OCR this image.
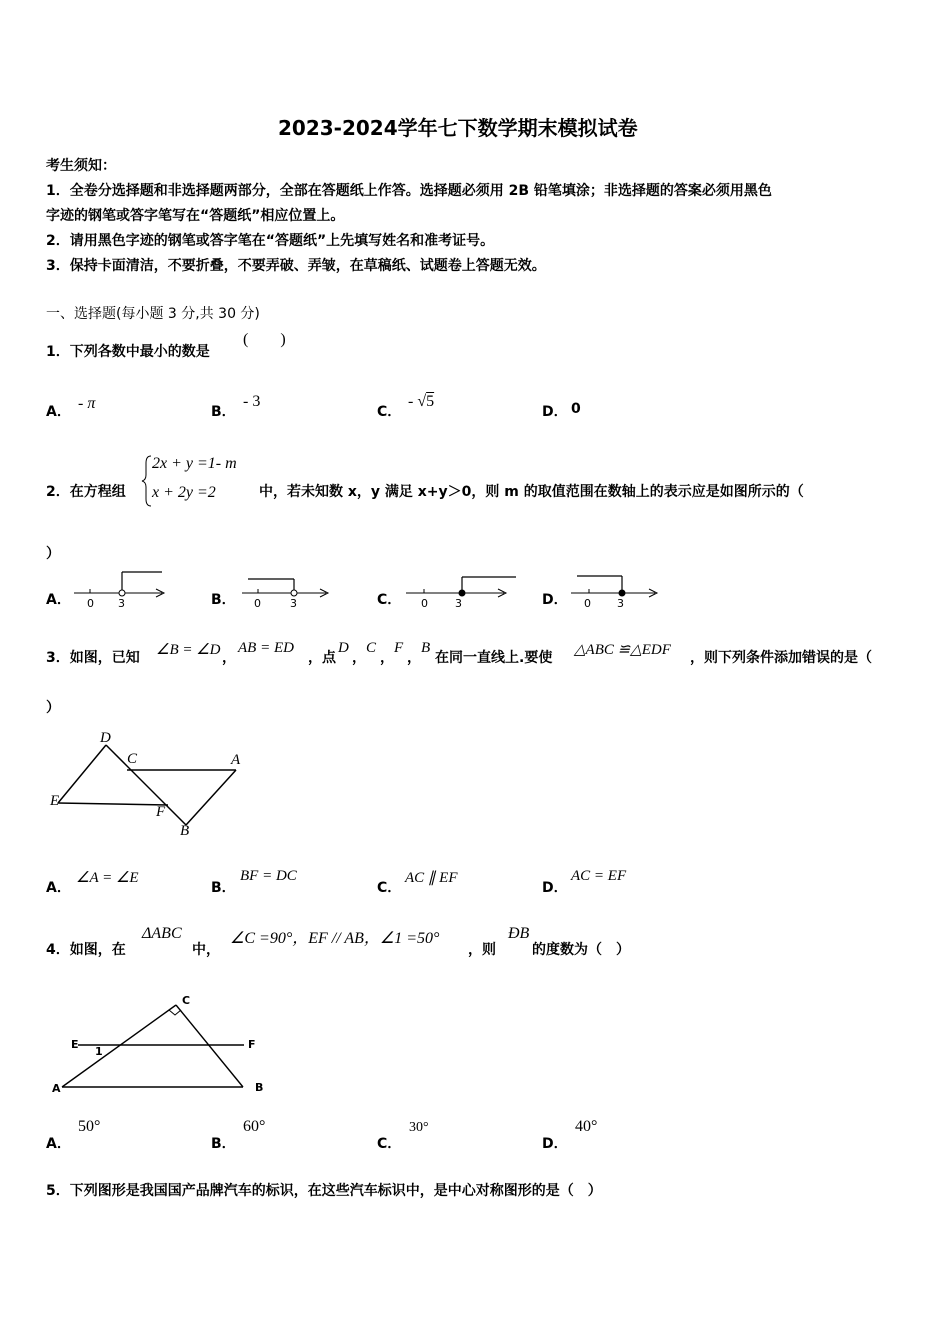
2023-2024学年七下数学期末模拟试卷
考生须知：
1．全卷分选择题和非选择题两部分，全部在答题纸上作答。选择题必须用 2B 铅笔填涂；非选择题的答案必须用黑色
字迹的钢笔或答字笔写在“答题纸”相应位置上。
2．请用黑色字迹的钢笔或答字笔在“答题纸”上先填写姓名和准考证号。
3．保持卡面清洁，不要折叠，不要弄破、弄皱，在草稿纸、试题卷上答题无效。
一、选择题(每小题 3 分,共 30 分)
1．下列各数中最小的数是
(　　)
A． - π	B．
- 3
C．
- √5
D． 0
2．在方程组
2x + y =1- m
x + 2y =2	中，若未知数 x，y 满足 x+y＞0，则 m 的取值范围在数轴上的表示应是如图所示的（
）
A．	B．	C．	D．
0 3	0	3	0 3	0 3
3．如图，已知 ∠B = ∠D ，
AB = ED
，点
D
，
C
，
F
，
B
在同一直线上.要使 △ABC ≌△EDF ，则下列条件添加错误的是（
）
D
C	A
E
F
B
A．
∠A = ∠E
B．
BF = DC
C．
AC ∥ EF
D．
AC = EF
4．如图，在
ΔABC
中，
∠C =90°，EF // AB，∠1 =50°
，则
ÐB
的度数为（　）
C
E
1
F
A	B
A．
50°
B．
60°
C．
30°
D．
40°
5．下列图形是我国国产品牌汽车的标识，在这些汽车标识中，是中心对称图形的是（　）
